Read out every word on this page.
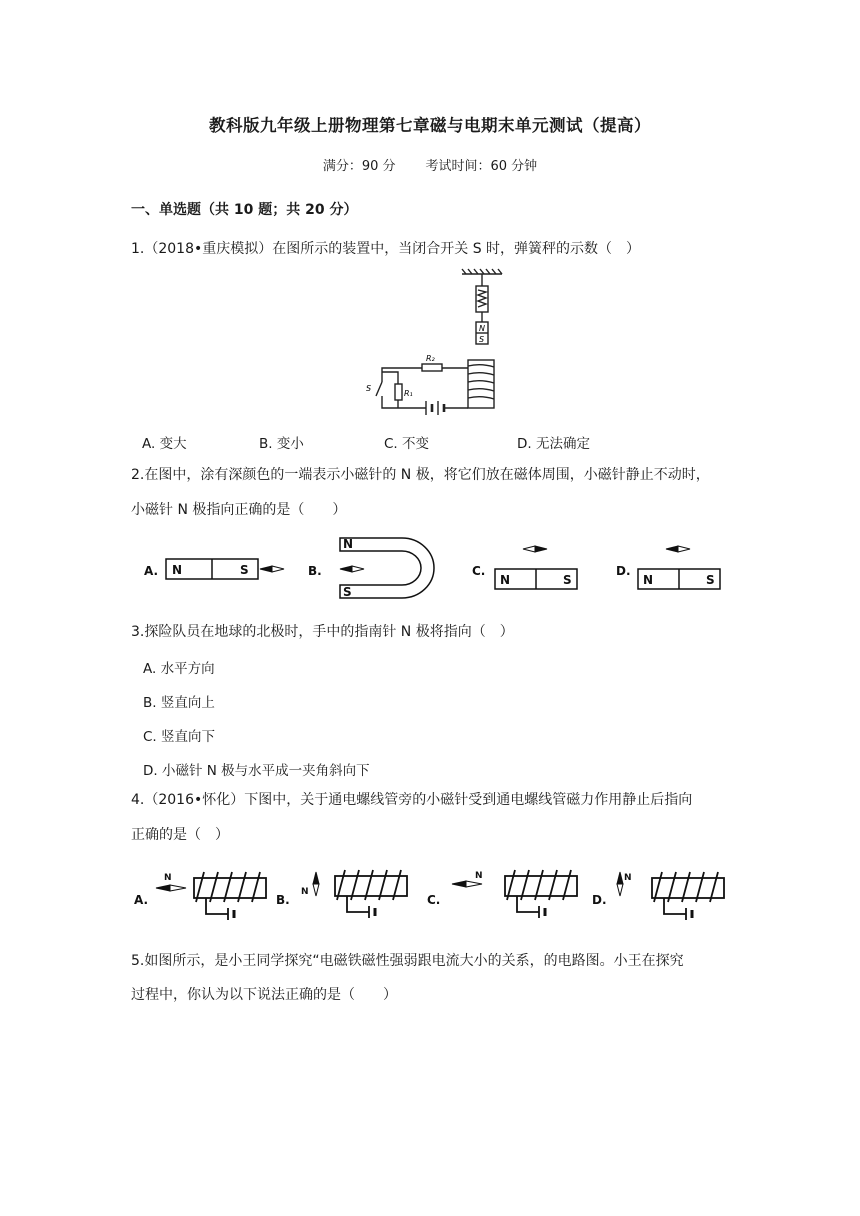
教科版九年级上册物理第七章磁与电期末单元测试（提高）
满分：90 分 考试时间：60 分钟
一、单选题（共 10 题；共 20 分）
1.（2018•重庆模拟）在图所示的装置中，当闭合开关 S 时，弹簧秤的示数（　）
N
S
R₂
R₁
S
A. 变大	B. 变小	C. 不变	D. 无法确定
2.在图中，涂有深颜色的一端表示小磁针的 N 极，将它们放在磁体周围，小磁针静止不动时，
小磁针 N 极指向正确的是（　　）
A.	B.	C.	D.
N	S
N
S
N	S	N	S
3.探险队员在地球的北极时，手中的指南针 N 极将指向（　）
A. 水平方向
B. 竖直向上
C. 竖直向下
D. 小磁针 N 极与水平成一夹角斜向下
4.（2016•怀化）下图中，关于通电螺线管旁的小磁针受到通电螺线管磁力作用静止后指向
正确的是（　）
A.	B.	C.	D.
N
N
N	N
5.如图所示，是小王同学探究“电磁铁磁性强弱跟电流大小的关系，的电路图。小王在探究
过程中，你认为以下说法正确的是（　　）
